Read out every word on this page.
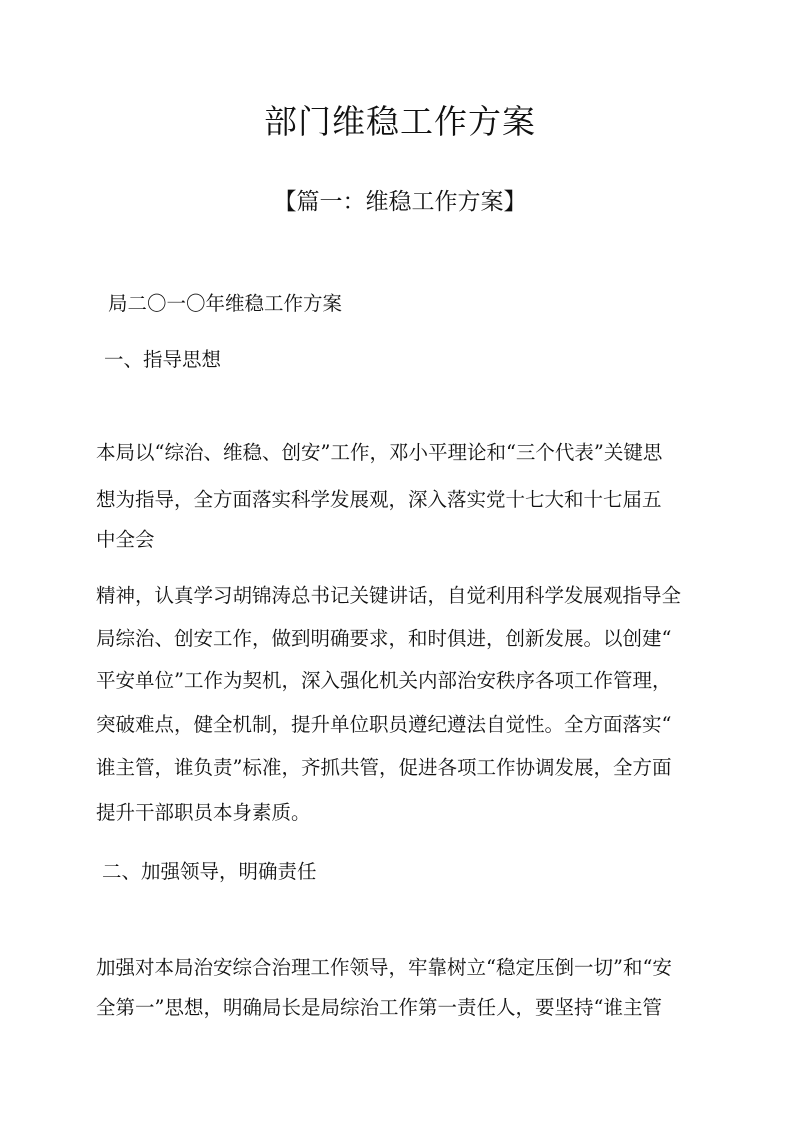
部门维稳工作方案
【篇一：维稳工作方案】

局二〇一〇年维稳工作方案

一、指导思想

本局以“综治、维稳、创安”工作，邓小平理论和“三个代表”关键思

想为指导，全方面落实科学发展观，深入落实党十七大和十七届五

中全会

精神，认真学习胡锦涛总书记关键讲话，自觉利用科学发展观指导全

局综治、创安工作，做到明确要求，和时俱进，创新发展。以创建“

平安单位”工作为契机，深入强化机关内部治安秩序各项工作管理，

突破难点，健全机制，提升单位职员遵纪遵法自觉性。全方面落实“

谁主管，谁负责”标准，齐抓共管，促进各项工作协调发展，全方面

提升干部职员本身素质。

二、加强领导，明确责任

加强对本局治安综合治理工作领导，牢靠树立“稳定压倒一切”和“安

全第一”思想，明确局长是局综治工作第一责任人，要坚持“谁主管
